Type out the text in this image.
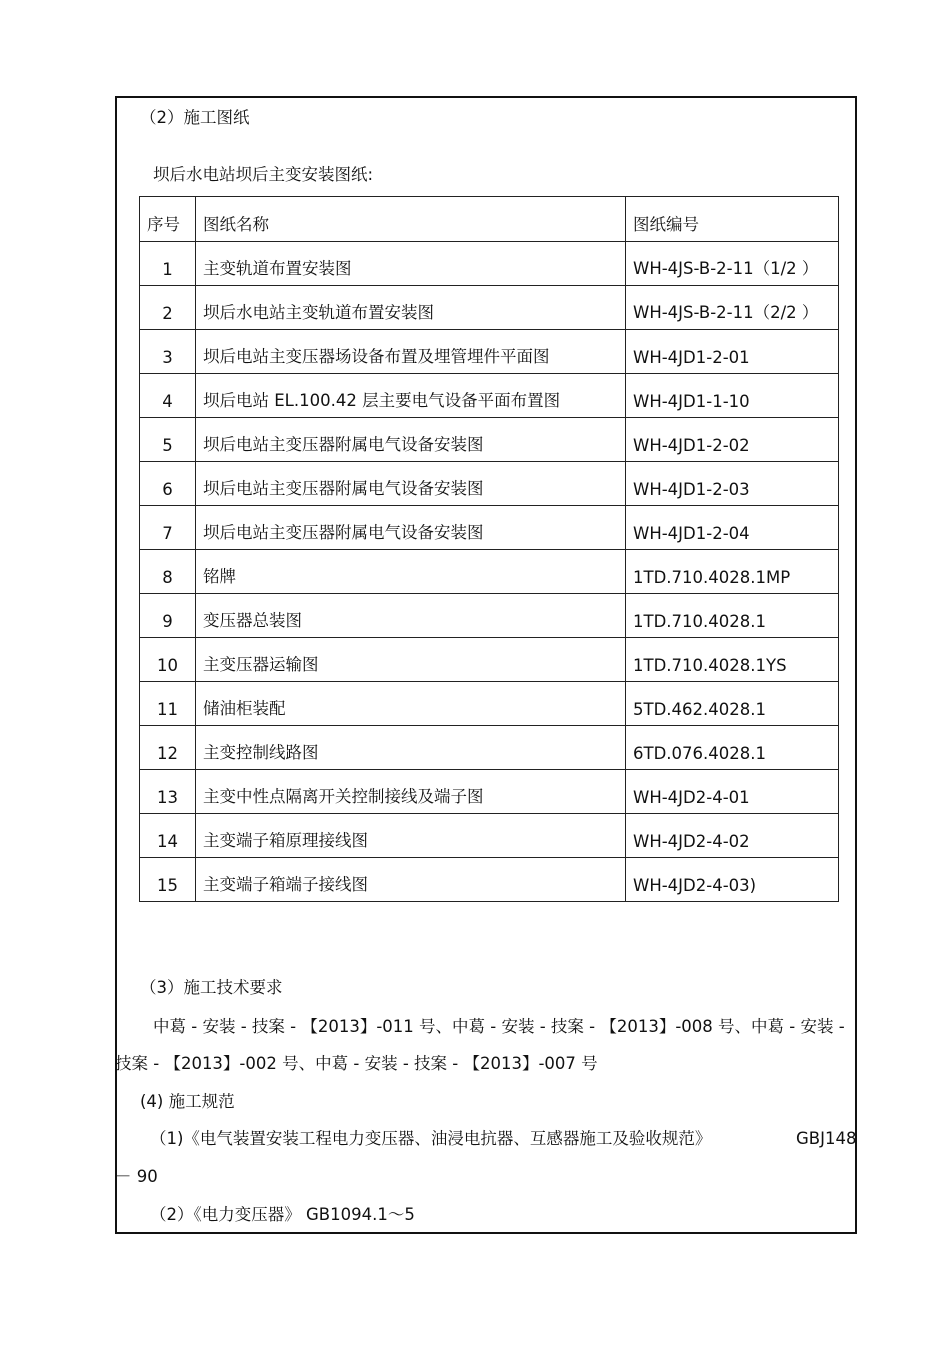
（2）施工图纸
坝后水电站坝后主变安装图纸:
序号	图纸名称	图纸编号
1	主变轨道布置安装图	WH-4JS-B-2-11（1/2 ）
2	坝后水电站主变轨道布置安装图	WH-4JS-B-2-11（2/2 ）
3	坝后电站主变压器场设备布置及埋管埋件平面图	WH-4JD1-2-01
4	坝后电站 EL.100.42 层主要电气设备平面布置图	WH-4JD1-1-10
5	坝后电站主变压器附属电气设备安装图	WH-4JD1-2-02
6	坝后电站主变压器附属电气设备安装图	WH-4JD1-2-03
7	坝后电站主变压器附属电气设备安装图	WH-4JD1-2-04
8	铭牌	1TD.710.4028.1MP
9	变压器总装图	1TD.710.4028.1
10	主变压器运输图	1TD.710.4028.1YS
11	储油柜装配	5TD.462.4028.1
12	主变控制线路图	6TD.076.4028.1
13	主变中性点隔离开关控制接线及端子图	WH-4JD2-4-01
14	主变端子箱原理接线图	WH-4JD2-4-02
15	主变端子箱端子接线图	WH-4JD2-4-03)
（3）施工技术要求
中葛 - 安装 - 技案 - 【2013】-011 号、中葛 - 安装 - 技案 - 【2013】-008 号、中葛 - 安装 -
技案 - 【2013】-002 号、中葛 - 安装 - 技案 - 【2013】-007 号
(4) 施工规范
（1)《电气装置安装工程电力变压器、油浸电抗器、互感器施工及验收规范》	GBJ148
－ 90
（2）《电力变压器》 GB1094.1～5
